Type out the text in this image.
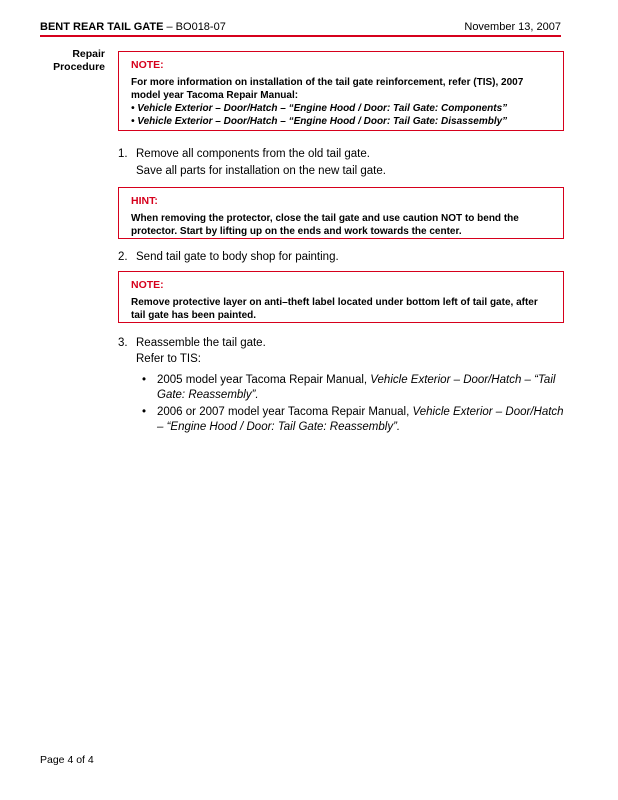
BENT REAR TAIL GATE – BO018-07	November 13, 2007
Repair
Procedure NOTE:
For more information on installation of the tail gate reinforcement, refer (TIS), 2007 model year Tacoma Repair Manual:
• Vehicle Exterior – Door/Hatch – “Engine Hood / Door: Tail Gate: Components”
• Vehicle Exterior – Door/Hatch – “Engine Hood / Door: Tail Gate: Disassembly”
1. Remove all components from the old tail gate.
Save all parts for installation on the new tail gate.
HINT:
When removing the protector, close the tail gate and use caution NOT to bend the protector. Start by lifting up on the ends and work towards the center.
2. Send tail gate to body shop for painting.
NOTE:
Remove protective layer on anti–theft label located under bottom left of tail gate, after tail gate has been painted.
3. Reassemble the tail gate.
Refer to TIS:
• 2005 model year Tacoma Repair Manual, Vehicle Exterior – Door/Hatch – “Tail Gate: Reassembly”.
• 2006 or 2007 model year Tacoma Repair Manual, Vehicle Exterior – Door/Hatch – “Engine Hood / Door: Tail Gate: Reassembly”.
Page 4 of 4
